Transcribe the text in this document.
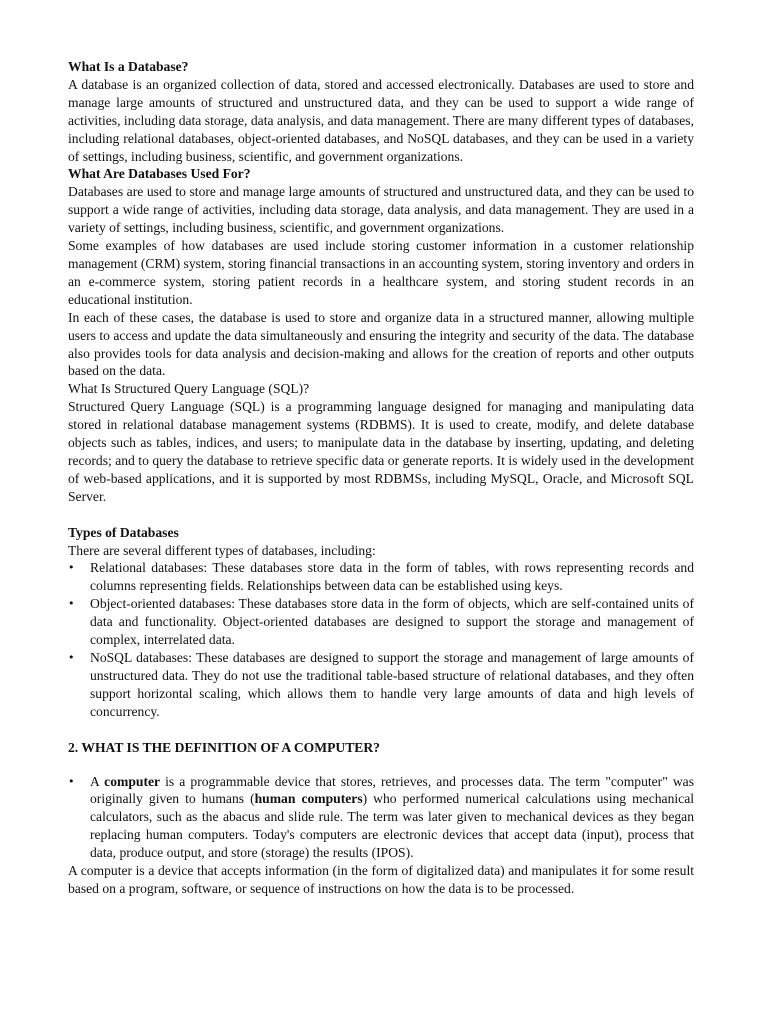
What Is a Database?

A database is an organized collection of data, stored and accessed electronically. Databases are used to store and manage large amounts of structured and unstructured data, and they can be used to support a wide range of activities, including data storage, data analysis, and data management. There are many different types of databases, including relational databases, object-oriented databases, and NoSQL databases, and they can be used in a variety of settings, including business, scientific, and government organizations.

What Are Databases Used For?

Databases are used to store and manage large amounts of structured and unstructured data, and they can be used to support a wide range of activities, including data storage, data analysis, and data management. They are used in a variety of settings, including business, scientific, and government organizations.

Some examples of how databases are used include storing customer information in a customer relationship management (CRM) system, storing financial transactions in an accounting system, storing inventory and orders in an e-commerce system, storing patient records in a healthcare system, and storing student records in an educational institution.

In each of these cases, the database is used to store and organize data in a structured manner, allowing multiple users to access and update the data simultaneously and ensuring the integrity and security of the data. The database also provides tools for data analysis and decision-making and allows for the creation of reports and other outputs based on the data.

What Is Structured Query Language (SQL)?

Structured Query Language (SQL) is a programming language designed for managing and manipulating data stored in relational database management systems (RDBMS). It is used to create, modify, and delete database objects such as tables, indices, and users; to manipulate data in the database by inserting, updating, and deleting records; and to query the database to retrieve specific data or generate reports. It is widely used in the development of web-based applications, and it is supported by most RDBMSs, including MySQL, Oracle, and Microsoft SQL Server.

Types of Databases

There are several different types of databases, including:

• Relational databases: These databases store data in the form of tables, with rows representing records and columns representing fields. Relationships between data can be established using keys.
• Object-oriented databases: These databases store data in the form of objects, which are self-contained units of data and functionality. Object-oriented databases are designed to support the storage and management of complex, interrelated data.
• NoSQL databases: These databases are designed to support the storage and management of large amounts of unstructured data. They do not use the traditional table-based structure of relational databases, and they often support horizontal scaling, which allows them to handle very large amounts of data and high levels of concurrency.
2. WHAT IS THE DEFINITION OF A COMPUTER?
• A computer is a programmable device that stores, retrieves, and processes data. The term "computer" was originally given to humans (human computers) who performed numerical calculations using mechanical calculators, such as the abacus and slide rule. The term was later given to mechanical devices as they began replacing human computers. Today's computers are electronic devices that accept data (input), process that data, produce output, and store (storage) the results (IPOS).

A computer is a device that accepts information (in the form of digitalized data) and manipulates it for some result based on a program, software, or sequence of instructions on how the data is to be processed.
